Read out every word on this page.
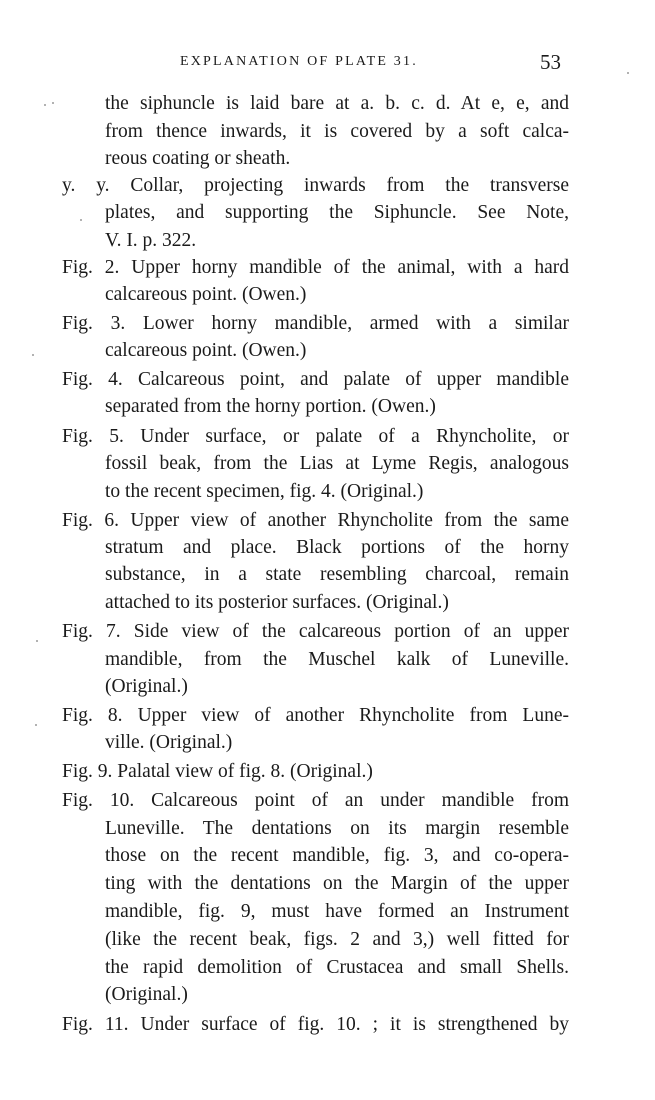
EXPLANATION OF PLATE 31.	53
the siphuncle is laid bare at a. b. c. d. At e, e, and
from thence inwards, it is covered by a soft calca-
reous coating or sheath.
y. y. Collar, projecting inwards from the transverse
plates, and supporting the Siphuncle. See Note,
V. I. p. 322.
Fig. 2. Upper horny mandible of the animal, with a hard
calcareous point. (Owen.)
Fig. 3. Lower horny mandible, armed with a similar
calcareous point. (Owen.)
Fig. 4. Calcareous point, and palate of upper mandible
separated from the horny portion. (Owen.)
Fig. 5. Under surface, or palate of a Rhyncholite, or
fossil beak, from the Lias at Lyme Regis, analogous
to the recent specimen, fig. 4. (Original.)
Fig. 6. Upper view of another Rhyncholite from the same
stratum and place. Black portions of the horny
substance, in a state resembling charcoal, remain
attached to its posterior surfaces. (Original.)
Fig. 7. Side view of the calcareous portion of an upper
mandible, from the Muschel kalk of Luneville.
(Original.)
Fig. 8. Upper view of another Rhyncholite from Lune-
ville. (Original.)
Fig. 9. Palatal view of fig. 8. (Original.)
Fig. 10. Calcareous point of an under mandible from
Luneville. The dentations on its margin resemble
those on the recent mandible, fig. 3, and co-opera-
ting with the dentations on the Margin of the upper
mandible, fig. 9, must have formed an Instrument
(like the recent beak, figs. 2 and 3,) well fitted for
the rapid demolition of Crustacea and small Shells.
(Original.)
Fig. 11. Under surface of fig. 10. ; it is strengthened by
